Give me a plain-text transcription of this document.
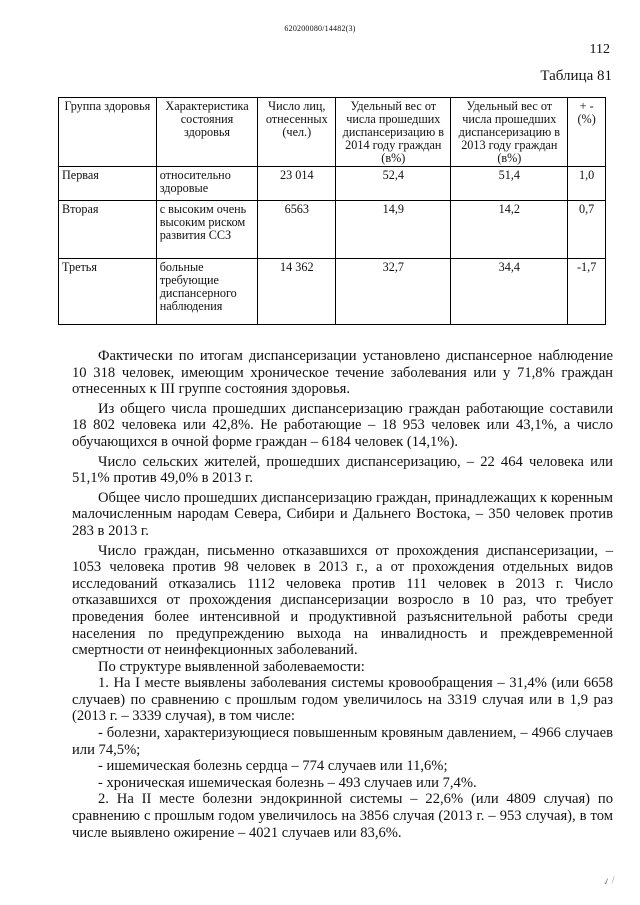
620200080/14482(3)
112
Таблица 81
Группа здоровья	Характеристика состояния здоровья	Число лиц, отнесенных (чел.)	Удельный вес от числа прошедших диспансеризацию в 2014 году граждан (в%)	Удельный вес от числа прошедших диспансеризацию в 2013 году граждан (в%)	+ - (%)
Первая	относительно здоровые	23 014	52,4	51,4	1,0
Вторая	с высоким очень высоким риском развития ССЗ	6563	14,9	14,2	0,7
Третья	больные требующие диспансерного наблюдения	14 362	32,7	34,4	-1,7

Фактически по итогам диспансеризации установлено диспансерное наблюдение 10 318 человек, имеющим хроническое течение заболевания или у 71,8% граждан отнесенных к III группе состояния здоровья.

Из общего числа прошедших диспансеризацию граждан работающие составили 18 802 человека или 42,8%. Не работающие – 18 953 человек или 43,1%, а число обучающихся в очной форме граждан – 6184 человек (14,1%).

Число сельских жителей, прошедших диспансеризацию, – 22 464 человека или 51,1% против 49,0% в 2013 г.

Общее число прошедших диспансеризацию граждан, принадлежащих к коренным малочисленным народам Севера, Сибири и Дальнего Востока, – 350 человек против 283 в 2013 г.

Число граждан, письменно отказавшихся от прохождения диспансеризации, – 1053 человека против 98 человек в 2013 г., а от прохождения отдельных видов исследований отказались 1112 человека против 111 человек в 2013 г. Число отказавшихся от прохождения диспансеризации возросло в 10 раз, что требует проведения более интенсивной и продуктивной разъяснительной работы среди населения по предупреждению выхода на инвалидность и преждевременной смертности от неинфекционных заболеваний.

По структуре выявленной заболеваемости:

1. На I месте выявлены заболевания системы кровообращения – 31,4% (или 6658 случаев) по сравнению с прошлым годом увеличилось на 3319 случая или в 1,9 раз (2013 г. – 3339 случая), в том числе:

- болезни, характеризующиеся повышенным кровяным давлением, – 4966 случаев или 74,5%;

- ишемическая болезнь сердца – 774 случаев или 11,6%;

- хроническая ишемическая болезнь – 493 случаев или 7,4%.

2. На II месте болезни эндокринной системы – 22,6% (или 4809 случая) по сравнению с прошлым годом увеличилось на 3856 случая (2013 г. – 953 случая), в том числе выявлено ожирение – 4021 случаев или 83,6%.

✓ ⁄
